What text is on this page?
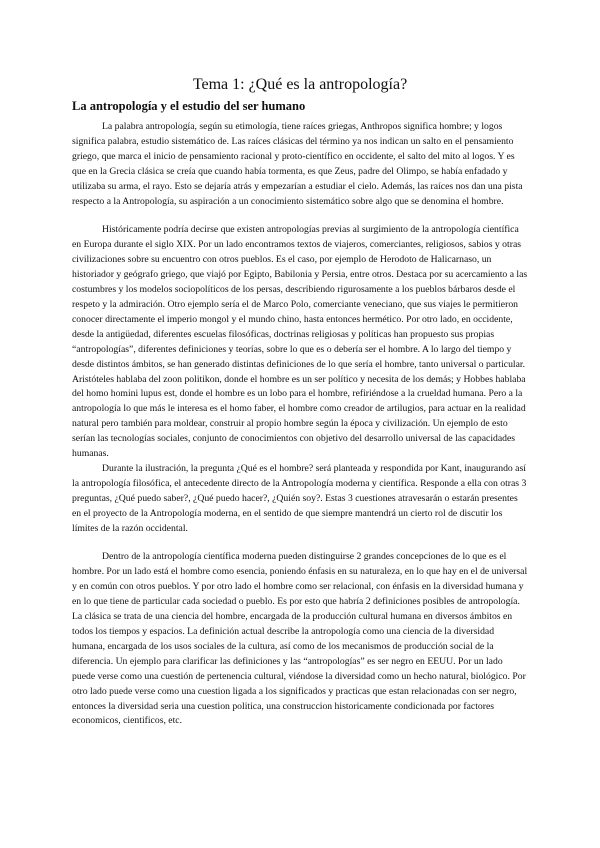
Tema 1: ¿Qué es la antropología?
La antropología y el estudio del ser humano

La palabra antropología, según su etimología, tiene raíces griegas, Anthropos significa hombre; y logos significa palabra, estudio sistemático de. Las raíces clásicas del término ya nos indican un salto en el pensamiento griego, que marca el inicio de pensamiento racional y proto-científico en occidente, el salto del mito al logos. Y es que en la Grecia clásica se creía que cuando había tormenta, es que Zeus, padre del Olimpo, se había enfadado y utilizaba su arma, el rayo. Esto se dejaría atrás y empezarían a estudiar el cielo. Además, las raíces nos dan una pista respecto a la Antropología, su aspiración a un conocimiento sistemático sobre algo que se denomina el hombre.

Históricamente podría decirse que existen antropologías previas al surgimiento de la antropología científica en Europa durante el siglo XIX. Por un lado encontramos textos de viajeros, comerciantes, religiosos, sabios y otras civilizaciones sobre su encuentro con otros pueblos. Es el caso, por ejemplo de Herodoto de Halicarnaso, un historiador y geógrafo griego, que viajó por Egipto, Babilonia y Persia, entre otros. Destaca por su acercamiento a las costumbres y los modelos sociopolíticos de los persas, describiendo rigurosamente a los pueblos bárbaros desde el respeto y la admiración. Otro ejemplo sería el de Marco Polo, comerciante veneciano, que sus viajes le permitieron conocer directamente el imperio mongol y el mundo chino, hasta entonces hermético. Por otro lado, en occidente, desde la antigüedad, diferentes escuelas filosóficas, doctrinas religiosas y políticas han propuesto sus propias “antropologías”, diferentes definiciones y teorías, sobre lo que es o debería ser el hombre. A lo largo del tiempo y desde distintos ámbitos, se han generado distintas definiciones de lo que sería el hombre, tanto universal o particular. Aristóteles hablaba del zoon politikon, donde el hombre es un ser político y necesita de los demás; y Hobbes hablaba del homo homini lupus est, donde el hombre es un lobo para el hombre, refiriéndose a la crueldad humana. Pero a la antropología lo que más le interesa es el homo faber, el hombre como creador de artilugios, para actuar en la realidad natural pero también para moldear, construir al propio hombre según la época y civilización. Un ejemplo de esto serían las tecnologías sociales, conjunto de conocimientos con objetivo del desarrollo universal de las capacidades humanas.

Durante la ilustración, la pregunta ¿Qué es el hombre? será planteada y respondida por Kant, inaugurando así la antropología filosófica, el antecedente directo de la Antropología moderna y científica. Responde a ella con otras 3 preguntas, ¿Qué puedo saber?, ¿Qué puedo hacer?, ¿Quién soy?. Estas 3 cuestiones atravesarán o estarán presentes en el proyecto de la Antropología moderna, en el sentido de que siempre mantendrá un cierto rol de discutir los límites de la razón occidental.

Dentro de la antropología científica moderna pueden distinguirse 2 grandes concepciones de lo que es el hombre. Por un lado está el hombre como esencia, poniendo énfasis en su naturaleza, en lo que hay en el de universal y en común con otros pueblos. Y por otro lado el hombre como ser relacional, con énfasis en la diversidad humana y en lo que tiene de particular cada sociedad o pueblo. Es por esto que habría 2 definiciones posibles de antropología. La clásica se trata de una ciencia del hombre, encargada de la producción cultural humana en diversos ámbitos en todos los tiempos y espacios. La definición actual describe la antropología como una ciencia de la diversidad humana, encargada de los usos sociales de la cultura, así como de los mecanismos de producción social de la diferencia. Un ejemplo para clarificar las definiciones y las “antropologías” es ser negro en EEUU. Por un lado puede verse como una cuestión de pertenencia cultural, viéndose la diversidad como un hecho natural, biológico. Por otro lado puede verse como una cuestion ligada a los significados y practicas que estan relacionadas con ser negro, entonces la diversidad seria una cuestion politica, una construccion historicamente condicionada por factores economicos, cientificos, etc.
